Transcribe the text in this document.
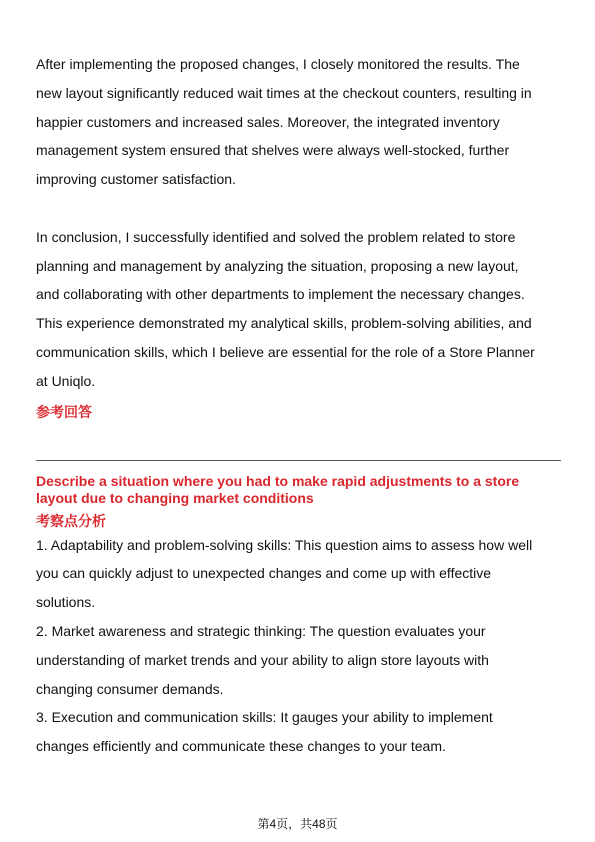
After implementing the proposed changes, I closely monitored the results. The

new layout significantly reduced wait times at the checkout counters, resulting in

happier customers and increased sales. Moreover, the integrated inventory

management system ensured that shelves were always well-stocked, further

improving customer satisfaction.

In conclusion, I successfully identified and solved the problem related to store

planning and management by analyzing the situation, proposing a new layout,

and collaborating with other departments to implement the necessary changes.

This experience demonstrated my analytical skills, problem-solving abilities, and

communication skills, which I believe are essential for the role of a Store Planner

at Uniqlo.

参考回答
Describe a situation where you had to make rapid adjustments to a store layout due to changing market conditions
考察点分析

1. Adaptability and problem-solving skills: This question aims to assess how well

you can quickly adjust to unexpected changes and come up with effective

solutions.

2. Market awareness and strategic thinking: The question evaluates your

understanding of market trends and your ability to align store layouts with

changing consumer demands.

3. Execution and communication skills: It gauges your ability to implement

changes efficiently and communicate these changes to your team.

第4页，共48页
